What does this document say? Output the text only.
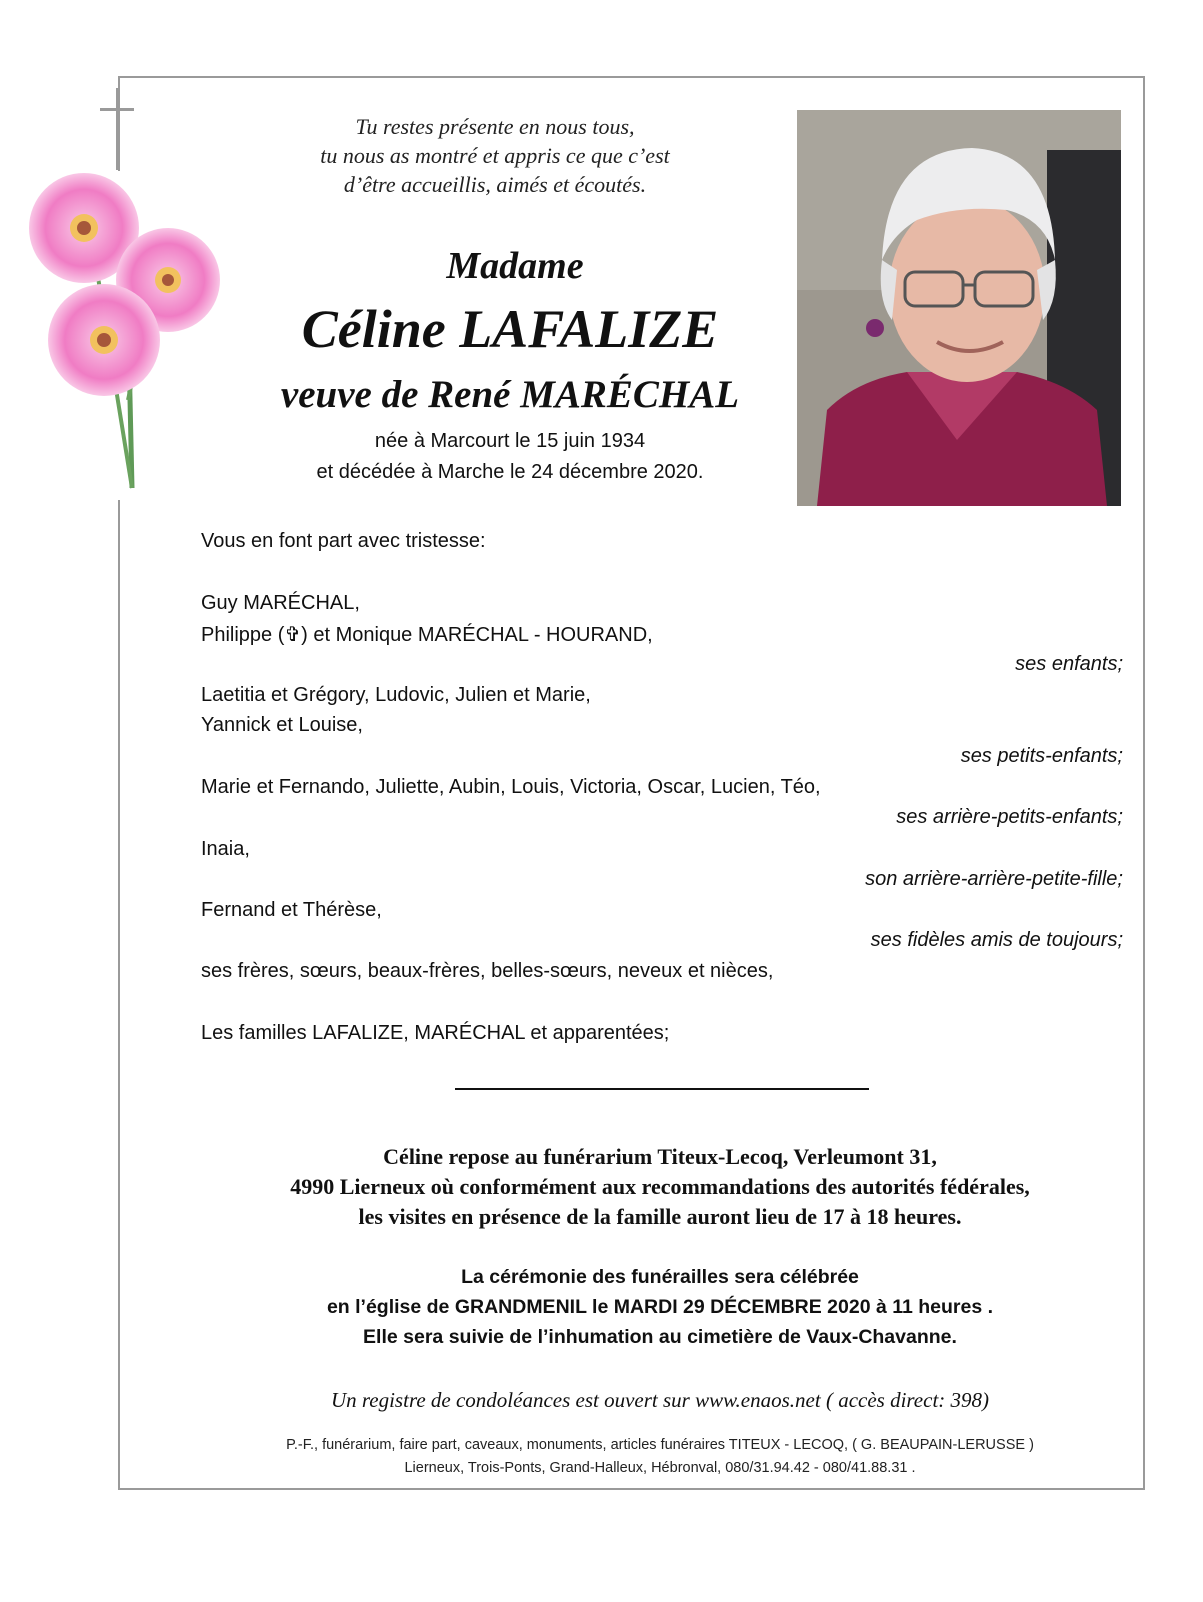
Tu restes présente en nous tous,
tu nous as montré et appris ce que c’est
d’être accueillis, aimés et écoutés.
Madame
Céline LAFALIZE
veuve de René MARÉCHAL
née à Marcourt le 15 juin 1934
et décédée à Marche le 24 décembre 2020.
Vous en font part avec tristesse:
Guy MARÉCHAL,
Philippe (✞) et Monique MARÉCHAL - HOURAND,
ses enfants;
Laetitia et Grégory, Ludovic, Julien et Marie,
Yannick et Louise,
ses petits-enfants;
Marie et Fernando, Juliette, Aubin, Louis, Victoria, Oscar, Lucien, Téo,
ses arrière-petits-enfants;
Inaia,
son arrière-arrière-petite-fille;
Fernand et Thérèse,
ses fidèles amis de toujours;
ses frères, sœurs, beaux-frères, belles-sœurs, neveux et nièces,
Les familles LAFALIZE, MARÉCHAL et apparentées;
Céline repose au funérarium Titeux-Lecoq, Verleumont 31,
4990 Lierneux où conformément aux recommandations des autorités fédérales,
les visites en présence de la famille auront lieu de 17 à 18 heures.
La cérémonie des funérailles sera célébrée
en l’église de GRANDMENIL le MARDI 29 DÉCEMBRE 2020 à 11 heures .
Elle sera suivie de l’inhumation au cimetière de Vaux-Chavanne.
Un registre de condoléances est ouvert sur www.enaos.net ( accès direct: 398)
P.-F., funérarium, faire part, caveaux, monuments, articles funéraires TITEUX - LECOQ, ( G. BEAUPAIN-LERUSSE )
Lierneux, Trois-Ponts, Grand-Halleux, Hébronval, 080/31.94.42 - 080/41.88.31 .
